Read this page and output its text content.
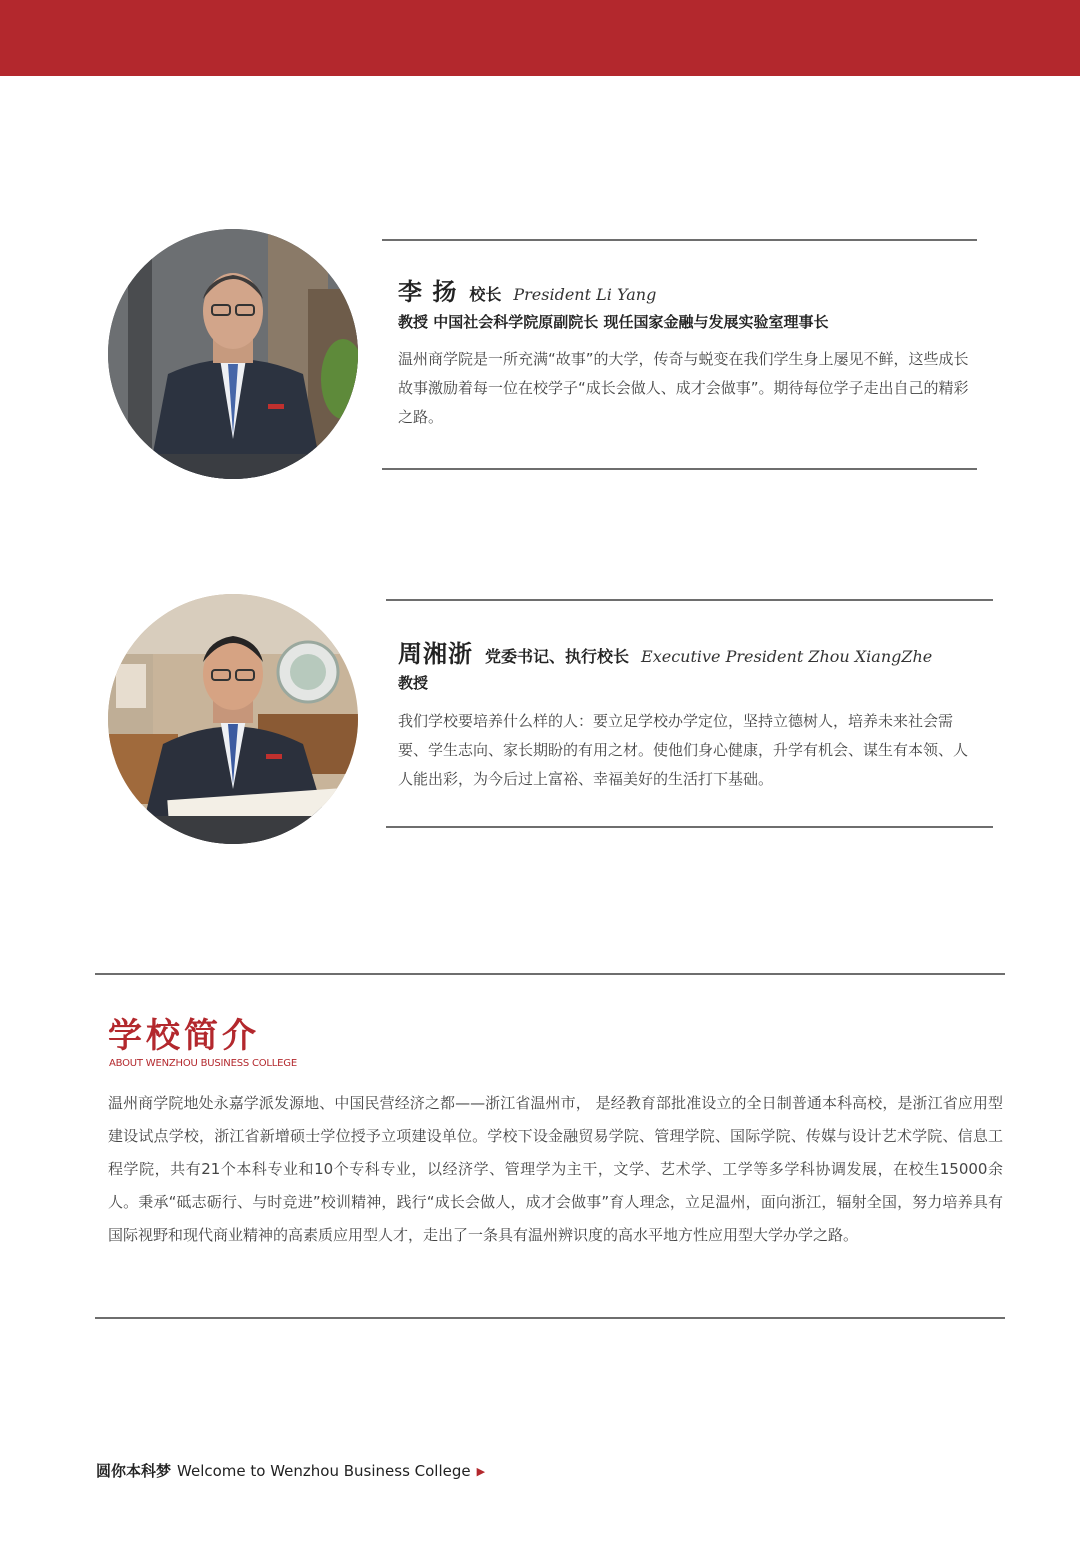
李 扬 校长 President Li Yang
教授 中国社会科学院原副院长 现任国家金融与发展实验室理事长
温州商学院是一所充满“故事”的大学，传奇与蜕变在我们学生身上屡见不鲜，这些成长故事激励着每一位在校学子“成长会做人、成才会做事”。期待每位学子走出自己的精彩之路。
周湘浙 党委书记、执行校长 Executive President Zhou XiangZhe
教授
我们学校要培养什么样的人：要立足学校办学定位，坚持立德树人，培养未来社会需要、学生志向、家长期盼的有用之材。使他们身心健康，升学有机会、谋生有本领、人人能出彩，为今后过上富裕、幸福美好的生活打下基础。
学校简介
ABOUT WENZHOU BUSINESS COLLEGE
温州商学院地处永嘉学派发源地、中国民营经济之都——浙江省温州市， 是经教育部批准设立的全日制普通本科高校，是浙江省应用型建设试点学校，浙江省新增硕士学位授予立项建设单位。学校下设金融贸易学院、管理学院、国际学院、传媒与设计艺术学院、信息工程学院，共有21个本科专业和10个专科专业，以经济学、管理学为主干，文学、艺术学、工学等多学科协调发展，在校生15000余人。秉承“砥志砺行、与时竞进”校训精神，践行“成长会做人，成才会做事”育人理念，立足温州，面向浙江，辐射全国，努力培养具有国际视野和现代商业精神的高素质应用型人才，走出了一条具有温州辨识度的高水平地方性应用型大学办学之路。
圆你本科梦 Welcome to Wenzhou Business College ▶
